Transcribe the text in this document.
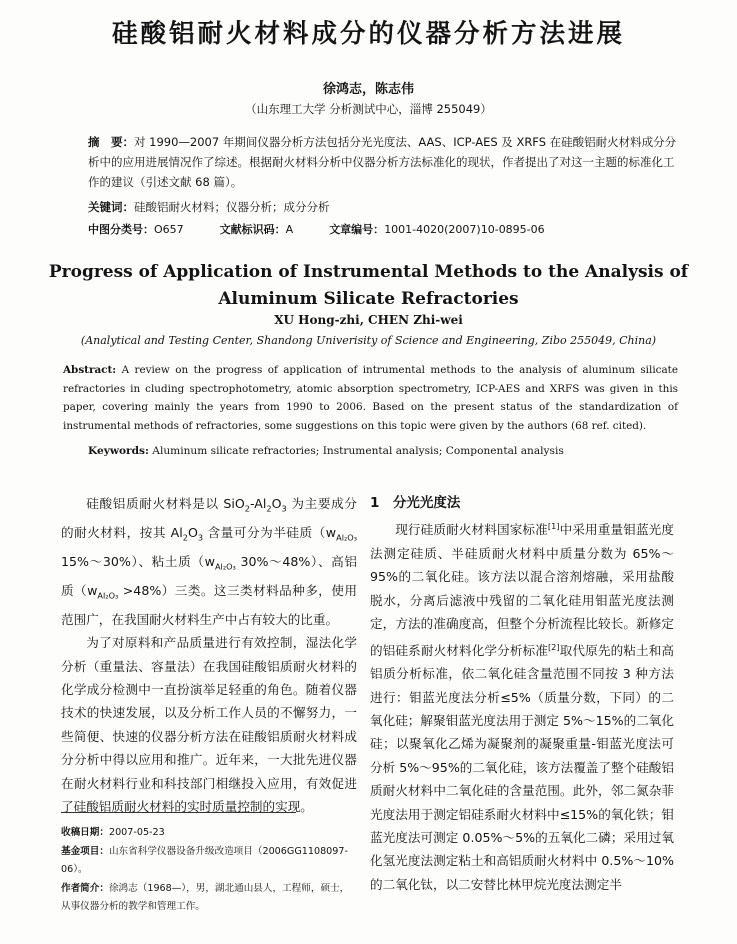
硅酸铝耐火材料成分的仪器分析方法进展
徐鸿志，陈志伟
（山东理工大学 分析测试中心，淄博 255049）
摘　要：对 1990—2007 年期间仪器分析方法包括分光光度法、AAS、ICP-AES 及 XRFS 在硅酸铝耐火材料成分分析中的应用进展情况作了综述。根据耐火材料分析中仪器分析方法标准化的现状，作者提出了对这一主题的标准化工作的建议（引述文献 68 篇）。
关键词：硅酸铝耐火材料；仪器分析；成分分析
中图分类号：O657	文献标识码：A	文章编号：1001-4020(2007)10-0895-06
Progress of Application of Instrumental Methods to the Analysis of Aluminum Silicate Refractories
XU Hong-zhi, CHEN Zhi-wei
(Analytical and Testing Center, Shandong Univerisity of Science and Engineering, Zibo 255049, China)
Abstract: A review on the progress of application of intrumental methods to the analysis of aluminum silicate refractories in cluding spectrophotometry, atomic absorption spectrometry, ICP-AES and XRFS was given in this paper, covering mainly the years from 1990 to 2006. Based on the present status of the standardization of instrumental methods of refractories, some suggestions on this topic were given by the authors (68 ref. cited).
Keywords: Aluminum silicate refractories; Instrumental analysis; Componental analysis

硅酸铝质耐火材料是以 $SiO_2-Al_2O_3$ 为主要成分的耐火材料，按其 $Al_2O_3$ 含量可分为半硅质（$w_{Al_2O_3}$ 15%～30%）、粘土质（$w_{Al_2O_3}$ 30%～48%）、高铝质$(w_{Al_2O_3} >48\%)$三类。这三类材料品种多，使用范围广，在我国耐火材料生产中占有较大的比重。

为了对原料和产品质量进行有效控制，湿法化学分析（重量法、容量法）在我国硅酸铝质耐火材料的化学成分检测中一直扮演举足轻重的角色。随着仪器技术的快速发展，以及分析工作人员的不懈努力，一些简便、快速的仪器分析方法在硅酸铝质耐火材料成分分析中得以应用和推广。近年来，一大批先进仪器在耐火材料行业和科技部门相继投入应用，有效促进了硅酸铝质耐火材料的实时质量控制的实现。

1　分光光度法

现行硅质耐火材料国家标准[1]中采用重量钼蓝光度法测定硅质、半硅质耐火材料中质量分数为 65%～95%的二氧化硅。该方法以混合溶剂熔融，采用盐酸脱水，分离后滤液中残留的二氧化硅用钼蓝光度法测定，方法的准确度高，但整个分析流程比较长。新修定的铝硅系耐火材料化学分析标准[2]取代原先的粘土和高铝质分析标准，依二氧化硅含量范围不同按 3 种方法进行：钼蓝光度法分析≤5%（质量分数，下同）的二氧化硅；解聚钼蓝光度法用于测定 5%～15%的二氧化硅；以聚氧化乙烯为凝聚剂的凝聚重量-钼蓝光度法可分析 5%～95%的二氧化硅，该方法覆盖了整个硅酸铝质耐火材料中二氧化硅的含量范围。此外，邻二氮杂菲光度法用于测定铝硅系耐火材料中≤15%的氧化铁；钼蓝光度法可测定 0.05%～5%的五氧化二磷；采用过氧化氢光度法测定粘土和高铝质耐火材料中 0.5%～10%的二氧化钛，以二安替比林甲烷光度法测定半

收稿日期：2007-05-23

基金项目：山东省科学仪器设备升级改造项目（2006GG1108097-06）。

作者简介：徐鸿志（1968—），男，湖北通山县人，工程师，硕士，从事仪器分析的教学和管理工作。
